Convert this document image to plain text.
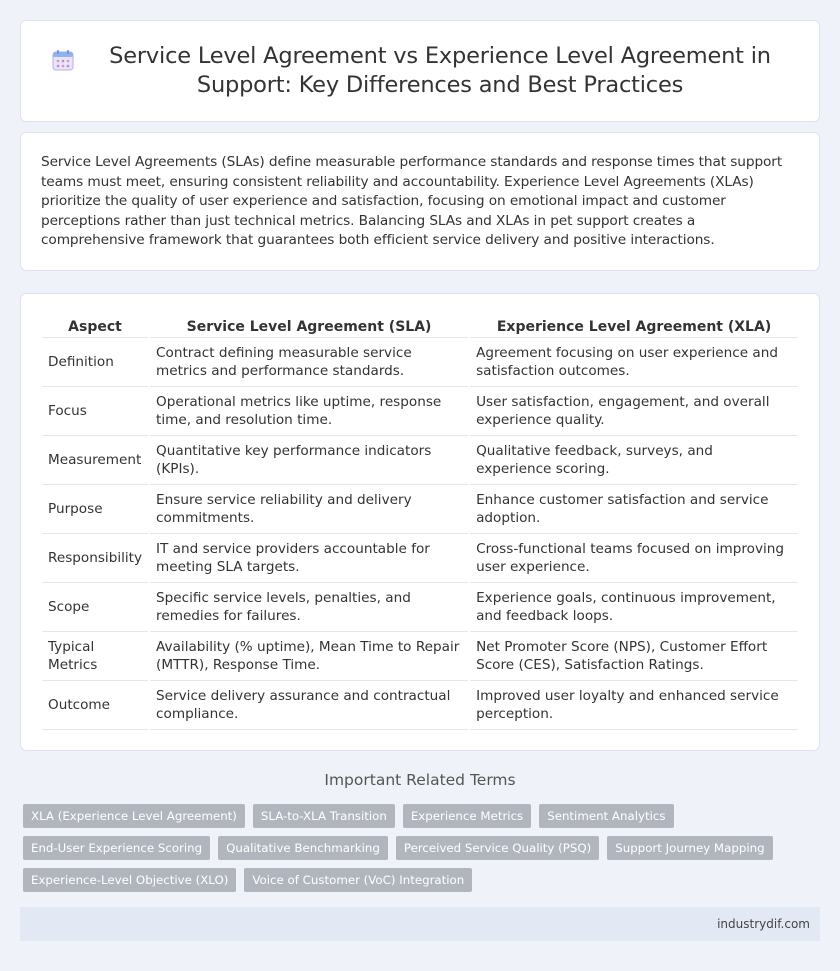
Service Level Agreement vs Experience Level Agreement in Support: Key Differences and Best Practices

Service Level Agreements (SLAs) define measurable performance standards and response times that support teams must meet, ensuring consistent reliability and accountability. Experience Level Agreements (XLAs) prioritize the quality of user experience and satisfaction, focusing on emotional impact and customer perceptions rather than just technical metrics. Balancing SLAs and XLAs in pet support creates a comprehensive framework that guarantees both efficient service delivery and positive interactions.

Aspect	Service Level Agreement (SLA)	Experience Level Agreement (XLA)
Definition	Contract defining measurable service metrics and performance standards.	Agreement focusing on user experience and satisfaction outcomes.
Focus	Operational metrics like uptime, response time, and resolution time.	User satisfaction, engagement, and overall experience quality.
Measurement	Quantitative key performance indicators (KPIs).	Qualitative feedback, surveys, and experience scoring.
Purpose	Ensure service reliability and delivery commitments.	Enhance customer satisfaction and service adoption.
Responsibility	IT and service providers accountable for meeting SLA targets.	Cross-functional teams focused on improving user experience.
Scope	Specific service levels, penalties, and remedies for failures.	Experience goals, continuous improvement, and feedback loops.
Typical Metrics	Availability (% uptime), Mean Time to Repair (MTTR), Response Time.	Net Promoter Score (NPS), Customer Effort Score (CES), Satisfaction Ratings.
Outcome	Service delivery assurance and contractual compliance.	Improved user loyalty and enhanced service perception.
Important Related Terms
XLA (Experience Level Agreement)	SLA-to-XLA Transition	Experience Metrics	Sentiment Analytics
End-User Experience Scoring	Qualitative Benchmarking	Perceived Service Quality (PSQ)	Support Journey Mapping
Experience-Level Objective (XLO)	Voice of Customer (VoC) Integration
industrydif.com
